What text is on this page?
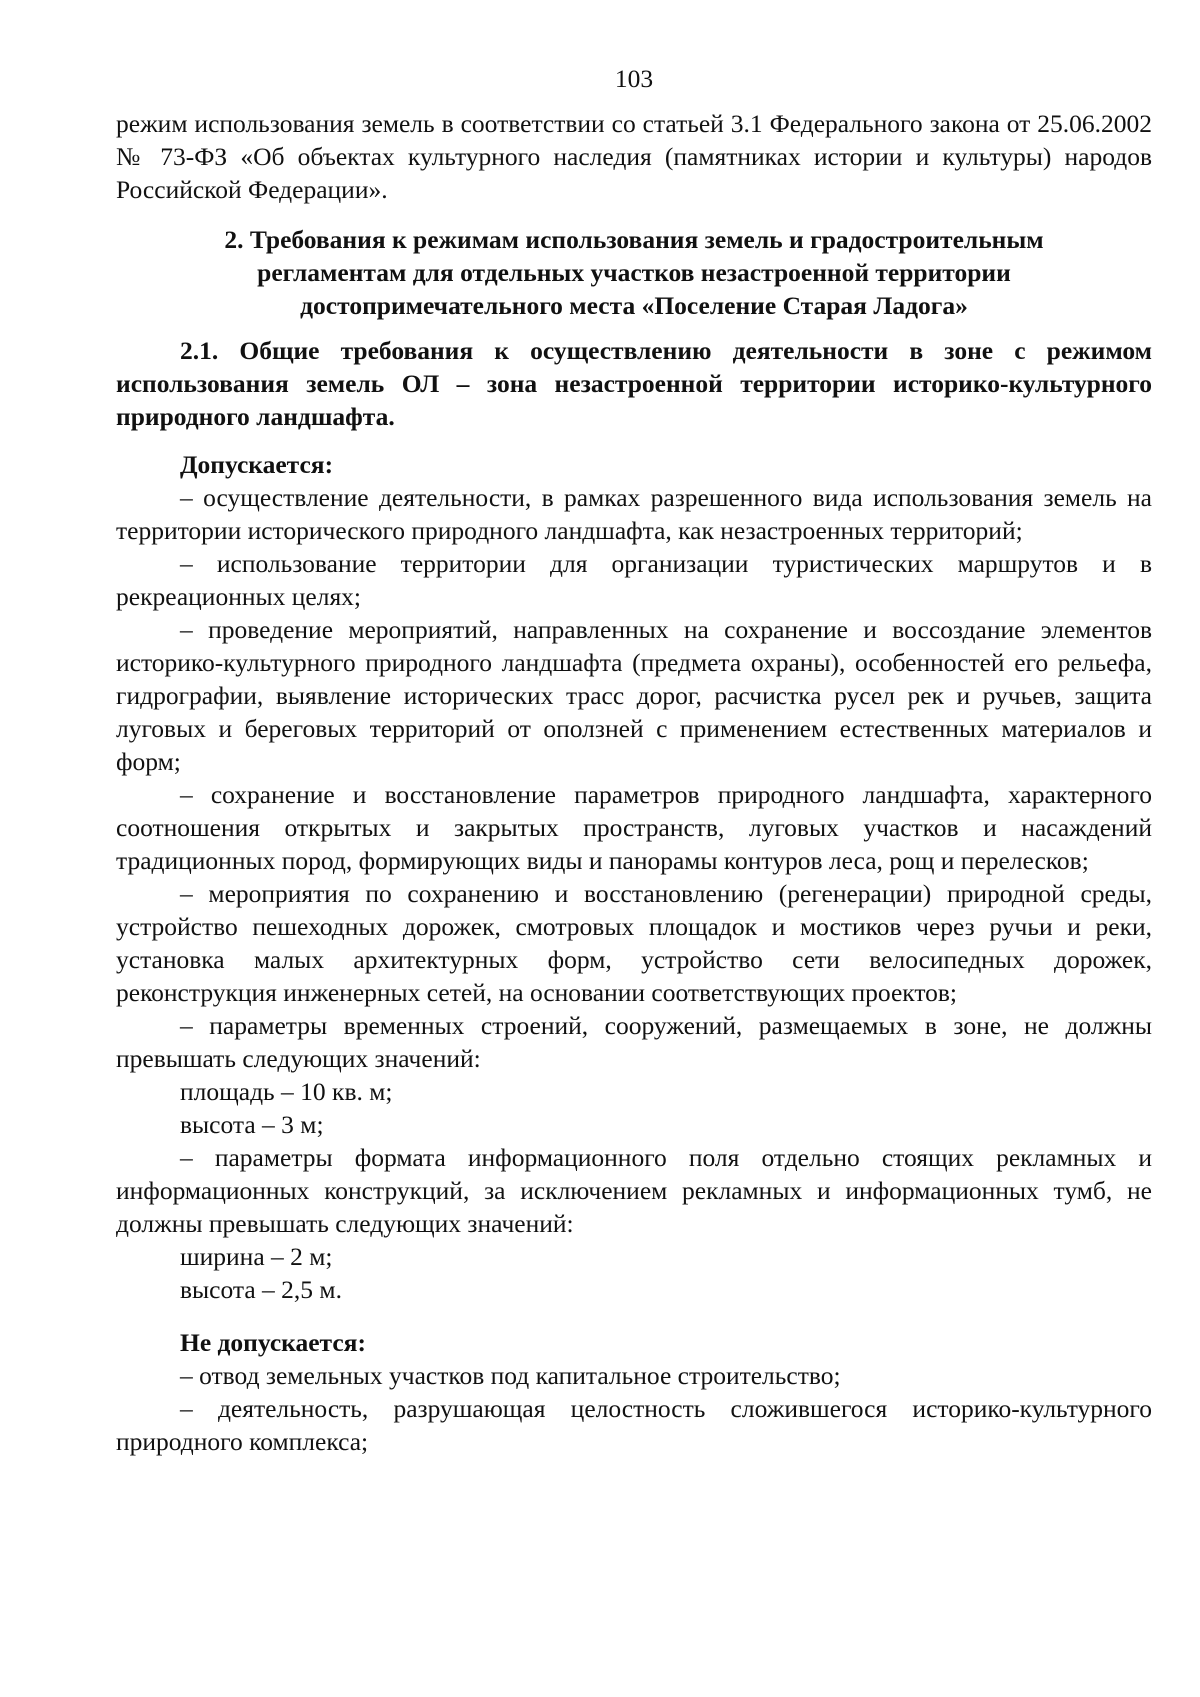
103

режим использования земель в соответствии со статьей 3.1 Федерального закона от 25.06.2002 № 73-ФЗ «Об объектах культурного наследия (памятниках истории и культуры) народов Российской Федерации».

2. Требования к режимам использования земель и градостроительным
регламентам для отдельных участков незастроенной территории
достопримечательного места «Поселение Старая Ладога»

2.1. Общие требования к осуществлению деятельности в зоне с режимом использования земель ОЛ – зона незастроенной территории историко-культурного природного ландшафта.

Допускается:

– осуществление деятельности, в рамках разрешенного вида использования земель на территории исторического природного ландшафта, как незастроенных территорий;

– использование территории для организации туристических маршрутов и в рекреационных целях;

– проведение мероприятий, направленных на сохранение и воссоздание элементов историко-культурного природного ландшафта (предмета охраны), особенностей его рельефа, гидрографии, выявление исторических трасс дорог, расчистка русел рек и ручьев, защита луговых и береговых территорий от оползней с применением естественных материалов и форм;

– сохранение и восстановление параметров природного ландшафта, характерного соотношения открытых и закрытых пространств, луговых участков и насаждений традиционных пород, формирующих виды и панорамы контуров леса, рощ и перелесков;

– мероприятия по сохранению и восстановлению (регенерации) природной среды, устройство пешеходных дорожек, смотровых площадок и мостиков через ручьи и реки, установка малых архитектурных форм, устройство сети велосипедных дорожек, реконструкция инженерных сетей, на основании соответствующих проектов;

– параметры временных строений, сооружений, размещаемых в зоне, не должны превышать следующих значений:

площадь – 10 кв. м;

высота – 3 м;

– параметры формата информационного поля отдельно стоящих рекламных и информационных конструкций, за исключением рекламных и информационных тумб, не должны превышать следующих значений:

ширина – 2 м;

высота – 2,5 м.

Не допускается:

– отвод земельных участков под капитальное строительство;

– деятельность, разрушающая целостность сложившегося историко-культурного природного комплекса;
